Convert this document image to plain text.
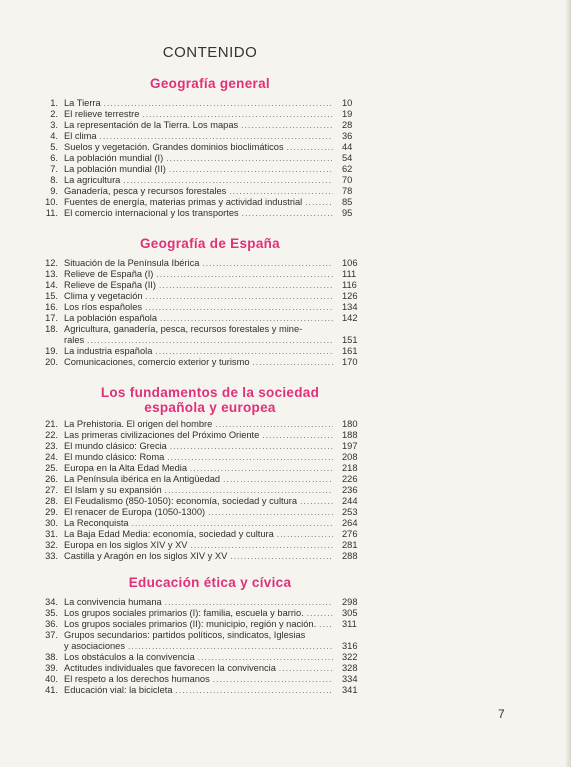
CONTENIDO
Geografía general
1. La Tierra .....	10
2. El relieve terrestre .....	19
3. La representación de la Tierra. Los mapas .....	28
4. El clima .....	36
5. Suelos y vegetación. Grandes dominios bioclimáticos .....	44
6. La población mundial (I) .....	54
7. La población mundial (II) .....	62
8. La agricultura .....	70
9. Ganadería, pesca y recursos forestales .....	78
10. Fuentes de energía, materias primas y actividad industrial .....	85
11. El comercio internacional y los transportes .....	95
Geografía de España
12. Situación de la Península Ibérica .....	106
13. Relieve de España (I) .....	111
14. Relieve de España (II) .....	116
15. Clima y vegetación .....	126
16. Los ríos españoles .....	134
17. La población española .....	142
18. Agricultura, ganadería, pesca, recursos forestales y mine-
rales .....	151
19. La industria española .....	161
20. Comunicaciones, comercio exterior y turismo .....	170
Los fundamentos de la sociedad
española y europea
21. La Prehistoria. El origen del hombre .....	180
22. Las primeras civilizaciones del Próximo Oriente .....	188
23. El mundo clásico: Grecia .....	197
24. El mundo clásico: Roma .....	208
25. Europa en la Alta Edad Media .....	218
26. La Península ibérica en la Antigüedad .....	226
27. El Islam y su expansión .....	236
28. El Feudalismo (850-1050): economía, sociedad y cultura .....	244
29. El renacer de Europa (1050-1300) .....	253
30. La Reconquista .....	264
31. La Baja Edad Media: economía, sociedad y cultura .....	276
32. Europa en los siglos XIV y XV .....	281
33. Castilla y Aragón en los siglos XIV y XV .....	288
Educación ética y cívica
34. La convivencia humana .....	298
35. Los grupos sociales primarios (I): familia, escuela y barrio. .....	305
36. Los grupos sociales primarios (II): municipio, región y nación. .....	311
37. Grupos secundarios: partidos políticos, sindicatos, Iglesias
y asociaciones .....	316
38. Los obstáculos a la convivencia .....	322
39. Actitudes individuales que favorecen la convivencia .....	328
40. El respeto a los derechos humanos .....	334
41. Educación vial: la bicicleta .....	341
7
